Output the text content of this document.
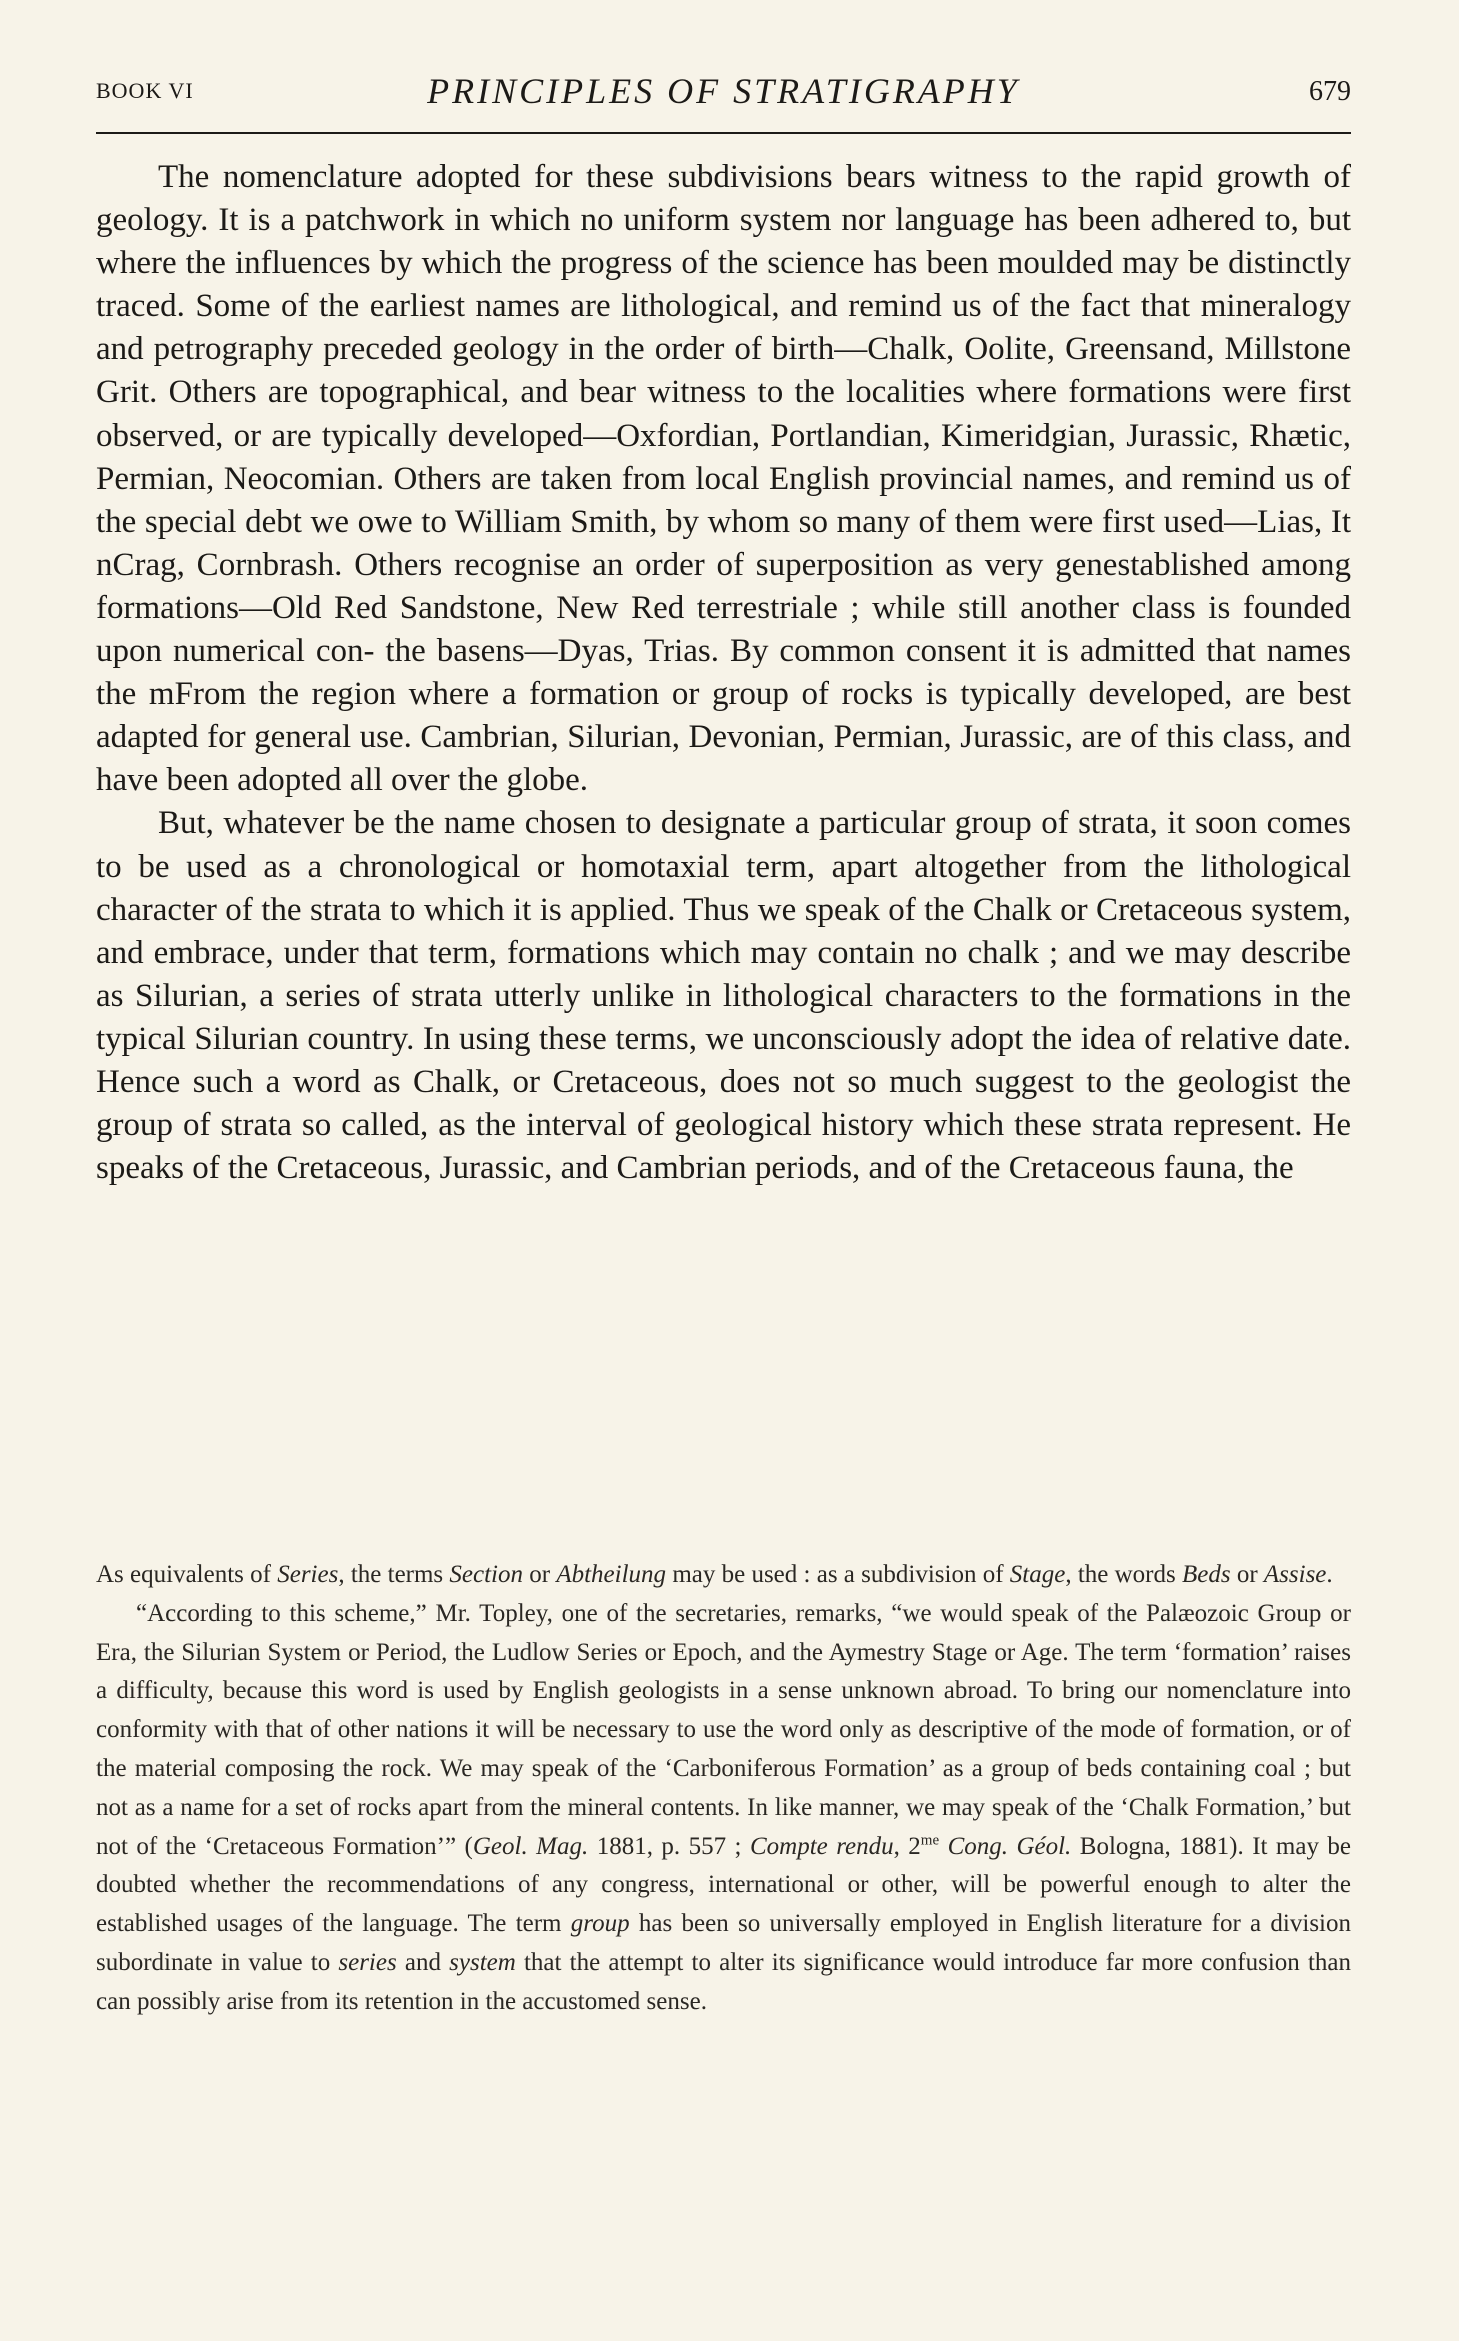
BOOK VI	PRINCIPLES OF STRATIGRAPHY	679

The nomenclature adopted for these subdivisions bears witness to the rapid growth of geology. It is a patchwork in which no uniform system nor language has been adhered to, but where the influences by which the progress of the science has been moulded may be distinctly traced. Some of the earliest names are lithological, and remind us of the fact that mineralogy and petrography preceded geology in the order of birth—Chalk, Oolite, Greensand, Millstone Grit. Others are topographical, and bear witness to the localities where formations were first observed, or are typically developed—Oxfordian, Portlandian, Kimeridgian, Jurassic, Rhætic, Permian, Neocomian. Others are taken from local English provincial names, and remind us of the special debt we owe to William Smith, by whom so many of them were first used—Lias, It nCrag, Cornbrash. Others recognise an order of superposition as very genestablished among formations—Old Red Sandstone, New Red terrestriale ; while still another class is founded upon numerical con- the basens—Dyas, Trias. By common consent it is admitted that names the mFrom the region where a formation or group of rocks is typically developed, are best adapted for general use. Cambrian, Silurian, Devonian, Permian, Jurassic, are of this class, and have been adopted all over the globe.

But, whatever be the name chosen to designate a particular group of strata, it soon comes to be used as a chronological or homotaxial term, apart altogether from the lithological character of the strata to which it is applied. Thus we speak of the Chalk or Cretaceous system, and embrace, under that term, formations which may contain no chalk ; and we may describe as Silurian, a series of strata utterly unlike in lithological characters to the formations in the typical Silurian country. In using these terms, we unconsciously adopt the idea of relative date. Hence such a word as Chalk, or Cretaceous, does not so much suggest to the geologist the group of strata so called, as the interval of geological history which these strata represent. He speaks of the Cretaceous, Jurassic, and Cambrian periods, and of the Cretaceous fauna, the

As equivalents of Series, the terms Section or Abtheilung may be used : as a subdivision of Stage, the words Beds or Assise.

“According to this scheme,” Mr. Topley, one of the secretaries, remarks, “we would speak of the Palæozoic Group or Era, the Silurian System or Period, the Ludlow Series or Epoch, and the Aymestry Stage or Age. The term ‘formation’ raises a difficulty, because this word is used by English geologists in a sense unknown abroad. To bring our nomenclature into conformity with that of other nations it will be necessary to use the word only as descriptive of the mode of formation, or of the material composing the rock. We may speak of the ‘Carboniferous Formation’ as a group of beds containing coal ; but not as a name for a set of rocks apart from the mineral contents. In like manner, we may speak of the ‘Chalk Formation,’ but not of the ‘Cretaceous Formation’” (Geol. Mag. 1881, p. 557 ; Compte rendu, $2^{me}$ Cong. Géol. Bologna, 1881). It may be doubted whether the recommendations of any congress, international or other, will be powerful enough to alter the established usages of the language. The term group has been so universally employed in English literature for a division subordinate in value to series and system that the attempt to alter its significance would introduce far more confusion than can possibly arise from its retention in the accustomed sense.
